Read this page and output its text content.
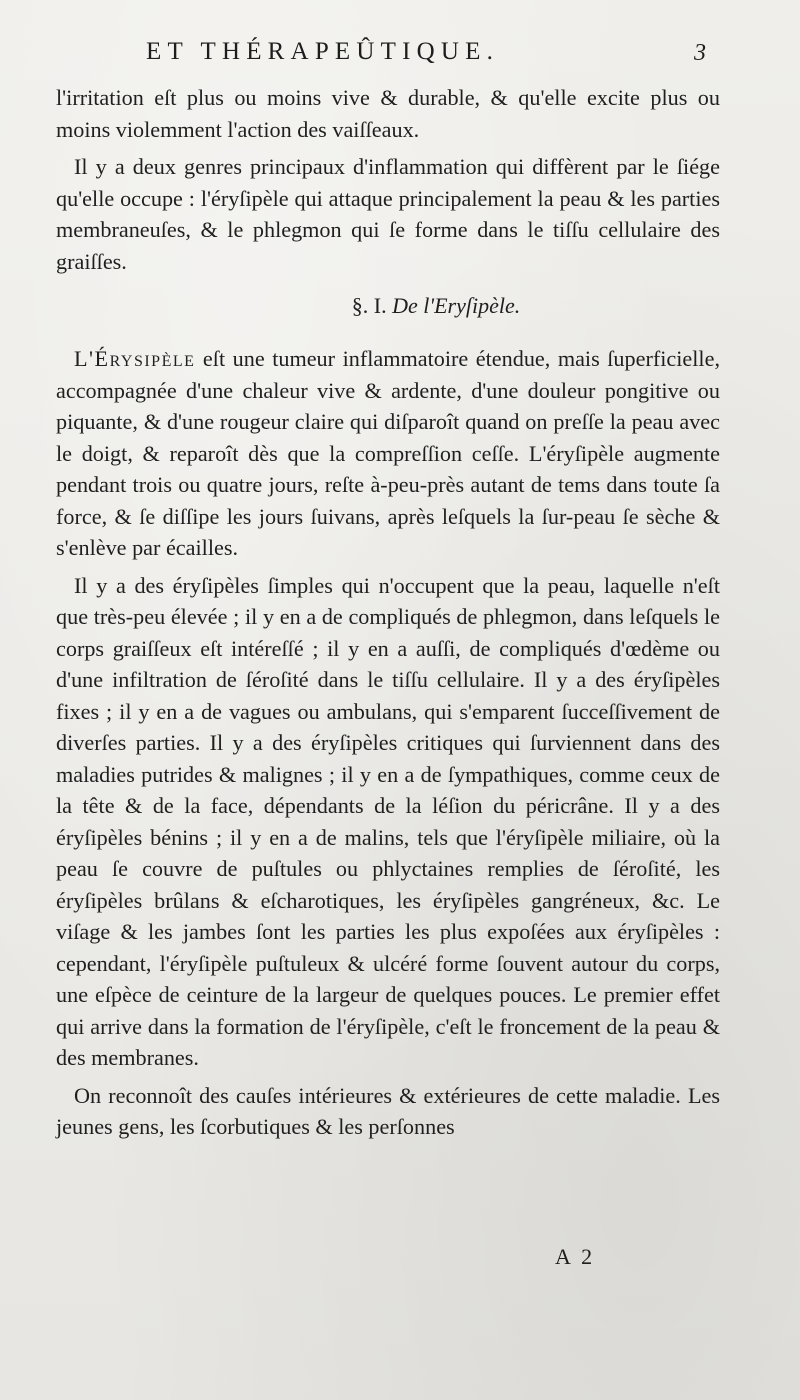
ET THÉRAPEÛTIQUE.	3

l'irritation eſt plus ou moins vive & durable, & qu'elle excite plus ou moins violemment l'action des vaiſſeaux.

Il y a deux genres principaux d'inflammation qui diffèrent par le ſiége qu'elle occupe : l'éryſipèle qui attaque principalement la peau & les parties membraneuſes, & le phlegmon qui ſe forme dans le tiſſu cellulaire des graiſſes.

§. I. De l'Eryſipèle.

L'Érysipèle eſt une tumeur inflammatoire étendue, mais ſuperficielle, accompagnée d'une chaleur vive & ardente, d'une douleur pongitive ou piquante, & d'une rougeur claire qui diſparoît quand on preſſe la peau avec le doigt, & reparoît dès que la compreſſion ceſſe. L'éryſipèle augmente pendant trois ou quatre jours, reſte à-peu-près autant de tems dans toute ſa force, & ſe diſſipe les jours ſuivans, après leſquels la ſur-peau ſe sèche & s'enlève par écailles.

Il y a des éryſipèles ſimples qui n'occupent que la peau, laquelle n'eſt que très-peu élevée ; il y en a de compliqués de phlegmon, dans leſquels le corps graiſſeux eſt intéreſſé ; il y en a auſſi, de compliqués d'œdème ou d'une infiltration de ſéroſité dans le tiſſu cellulaire. Il y a des éryſipèles fixes ; il y en a de vagues ou ambulans, qui s'emparent ſucceſſivement de diverſes parties. Il y a des éryſipèles critiques qui ſurviennent dans des maladies putrides & malignes ; il y en a de ſympathiques, comme ceux de la tête & de la face, dépendants de la léſion du péricrâne. Il y a des éryſipèles bénins ; il y en a de malins, tels que l'éryſipèle miliaire, où la peau ſe couvre de puſtules ou phlyctaines remplies de ſéroſité, les éryſipèles brûlans & eſcharotiques, les éryſipèles gangréneux, &c. Le viſage & les jambes ſont les parties les plus expoſées aux éryſipèles : cependant, l'éryſipèle puſtuleux & ulcéré forme ſouvent autour du corps, une eſpèce de ceinture de la largeur de quelques pouces. Le premier effet qui arrive dans la formation de l'éryſipèle, c'eſt le froncement de la peau & des membranes.

On reconnoît des cauſes intérieures & extérieures de cette maladie. Les jeunes gens, les ſcorbutiques & les perſonnes

A 2
